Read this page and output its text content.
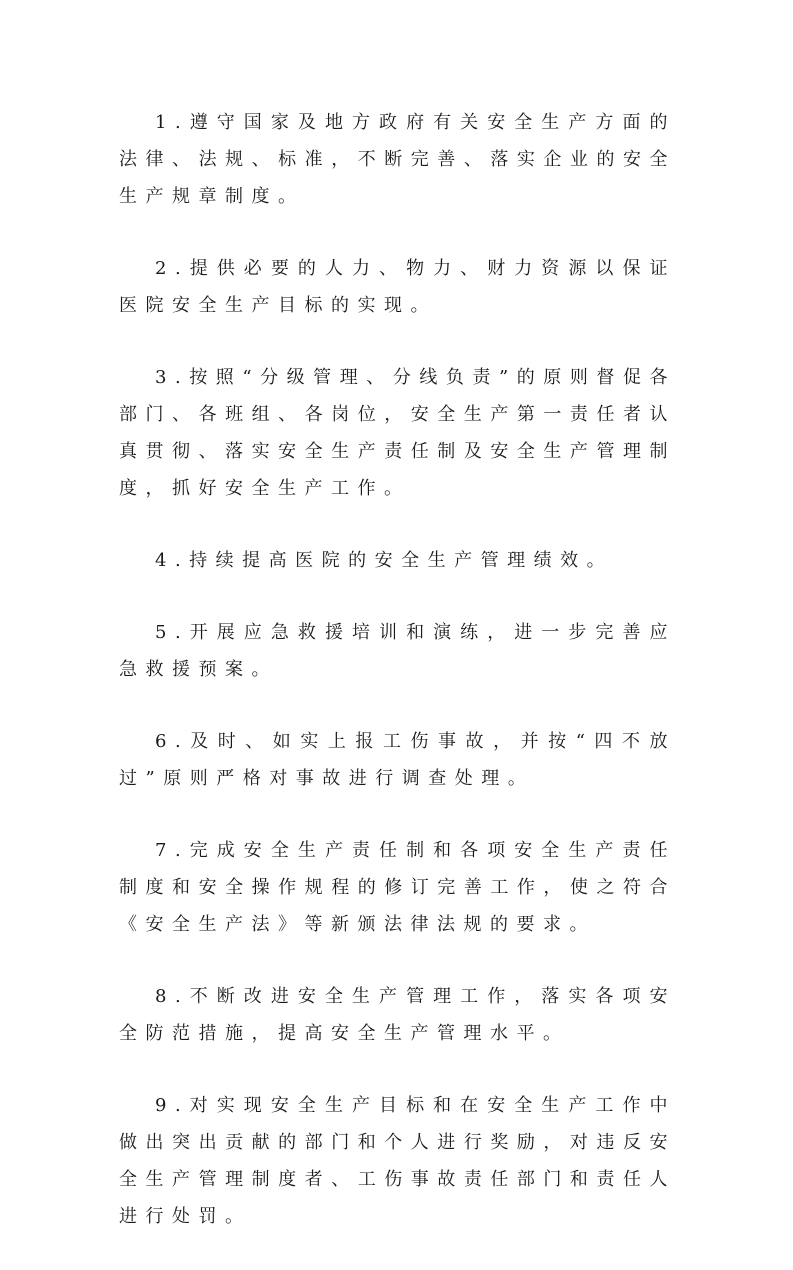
1.遵守国家及地方政府有关安全生产方面的法律、法规、标准，不断完善、落实企业的安全生产规章制度。

2.提供必要的人力、物力、财力资源以保证医院安全生产目标的实现。

3.按照“分级管理、分线负责”的原则督促各部门、各班组、各岗位，安全生产第一责任者认真贯彻、落实安全生产责任制及安全生产管理制度，抓好安全生产工作。

4.持续提高医院的安全生产管理绩效。

5.开展应急救援培训和演练，进一步完善应急救援预案。

6.及时、如实上报工伤事故，并按“四不放过”原则严格对事故进行调查处理。

7.完成安全生产责任制和各项安全生产责任制度和安全操作规程的修订完善工作，使之符合《安全生产法》等新颁法律法规的要求。

8.不断改进安全生产管理工作，落实各项安全防范措施，提高安全生产管理水平。

9.对实现安全生产目标和在安全生产工作中做出突出贡献的部门和个人进行奖励，对违反安全生产管理制度者、工伤事故责任部门和责任人进行处罚。
